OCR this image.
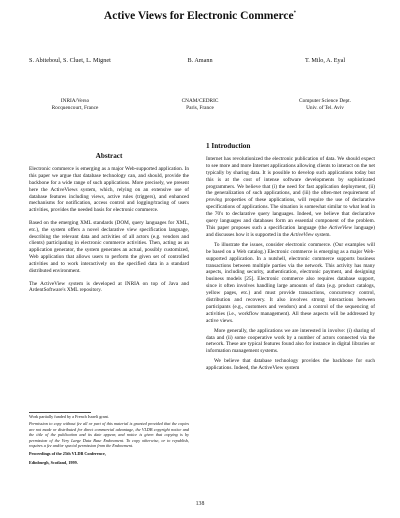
Active Views for Electronic Commerce*
S. Abiteboul, S. Cluet, L. Mignet	B. Amann	T. Milo, A. Eyal
INRIA/Verso
Rocquencourt, France
CNAM/CEDRIC
Paris, France
Computer Science Dept.
Univ. of Tel. Aviv
Abstract

Electronic commerce is emerging as a major Web-supported application. In this paper we argue that database technology can, and should, provide the backbone for a wide range of such applications. More precisely, we present here the ActiveViews system, which, relying on an extensive use of database features including views, active rules (triggers), and enhanced mechanisms for notification, access control and logging/tracing of users activities, provides the needed basis for electronic commerce.

Based on the emerging XML standards (DOM, query languages for XML, etc.), the system offers a novel declarative view specification language, describing the relevant data and activities of all actors (e.g. vendors and clients) participating in electronic commerce activities. Then, acting as an application generator, the system generates an actual, possibly customized, Web application that allows users to perform the given set of controlled activities and to work interactively on the specified data in a standard distributed environment.

The ActiveView system is developed at INRIA on top of Java and ArdentSoftware's XML repository.

Work partially funded by a French Israeli grant.
Permission to copy without fee all or part of this material is granted provided that the copies are not made or distributed for direct commercial advantage, the VLDB copyright notice and the title of the publication and its date appear, and notice is given that copying is by permission of the Very Large Data Base Endowment. To copy otherwise, or to republish, requires a fee and/or special permission from the Endowment.
Proceedings of the 25th VLDB Conference,
Edinburgh, Scotland, 1999.
1 Introduction

Internet has revolutionized the electronic publication of data. We should expect to see more and more Internet applications allowing clients to interact on the net typically by sharing data. It is possible to develop such applications today but this is at the cost of intense software developments by sophisticated programmers. We believe that (i) the need for fast application deployment, (ii) the generalization of such applications, and (iii) the often-met requirement of proving properties of these applications, will require the use of declarative specifications of applications. The situation is somewhat similar to what lead in the 70's to declarative query languages. Indeed, we believe that declarative query languages and databases form an essential component of the problem. This paper proposes such a specification language (the ActiveView language) and discusses how it is supported in the ActiveView system.

To illustrate the issues, consider electronic commerce. (Our examples will be based on a Web catalog.) Electronic commerce is emerging as a major Web-supported application. In a nutshell, electronic commerce supports business transactions between multiple parties via the network. This activity has many aspects, including security, authentication, electronic payment, and designing business models [25]. Electronic commerce also requires database support, since it often involves handling large amounts of data (e.g. product catalogs, yellow pages, etc.) and must provide transactions, concurrency control, distribution and recovery. It also involves strong interactions between participants (e.g., customers and vendors) and a control of the sequencing of activities (i.e., workflow management). All these aspects will be addressed by active views.

More generally, the applications we are interested in involve: (i) sharing of data and (ii) some cooperative work by a number of actors connected via the network. These are typical features found also for instance in digital libraries or information management systems.

We believe that database technology provides the backbone for such applications. Indeed, the ActiveView system

138
